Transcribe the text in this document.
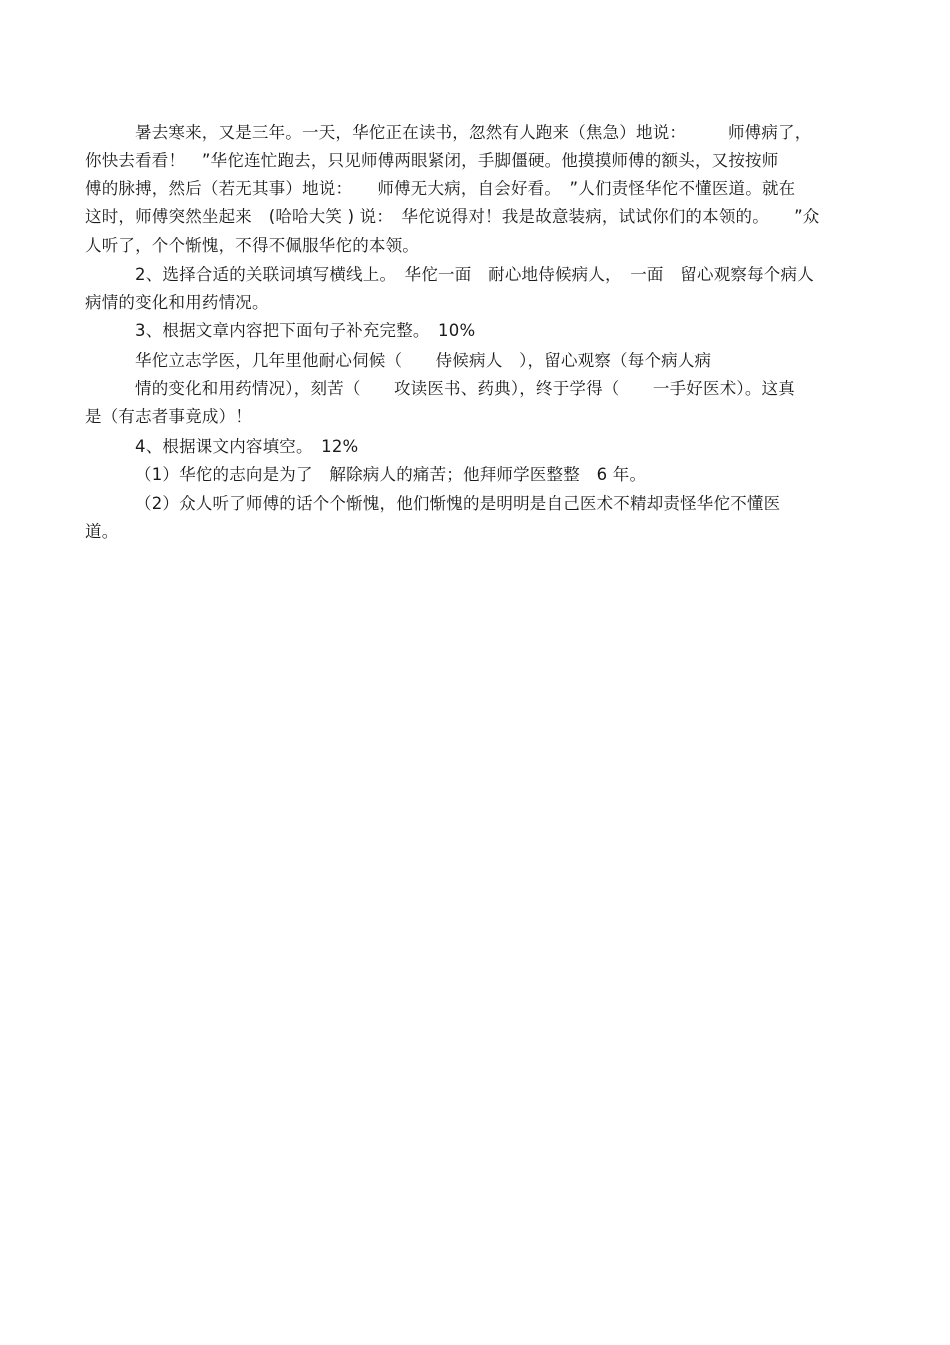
暑去寒来，又是三年。一天，华佗正在读书，忽然有人跑来（焦急）地说：　　　师傅病了，
你快去看看！　”华佗连忙跑去，只见师傅两眼紧闭，手脚僵硬。他摸摸师傅的额头，又按按师
傅的脉搏，然后（若无其事）地说：　　师傅无大病，自会好看。　”人们责怪华佗不懂医道。就在
这时，师傅突然坐起来　(哈哈大笑 ) 说：　华佗说得对！我是故意装病，试试你们的本领的。　　”众
人听了，个个惭愧，不得不佩服华佗的本领。
2、选择合适的关联词填写横线上。　华佗一面　耐心地侍候病人，　一面　留心观察每个病人
病情的变化和用药情况。
3、根据文章内容把下面句子补充完整。　10%
华佗立志学医，几年里他耐心伺候（　　侍候病人　），留心观察（每个病人病
情的变化和用药情况），刻苦（　　攻读医书、药典），终于学得（　　一手好医术）。这真
是（有志者事竟成）！
4、根据课文内容填空。　12%
（1）华佗的志向是为了　解除病人的痛苦；他拜师学医整整　6 年。
（2）众人听了师傅的话个个惭愧，他们惭愧的是明明是自己医术不精却责怪华佗不懂医
道。
